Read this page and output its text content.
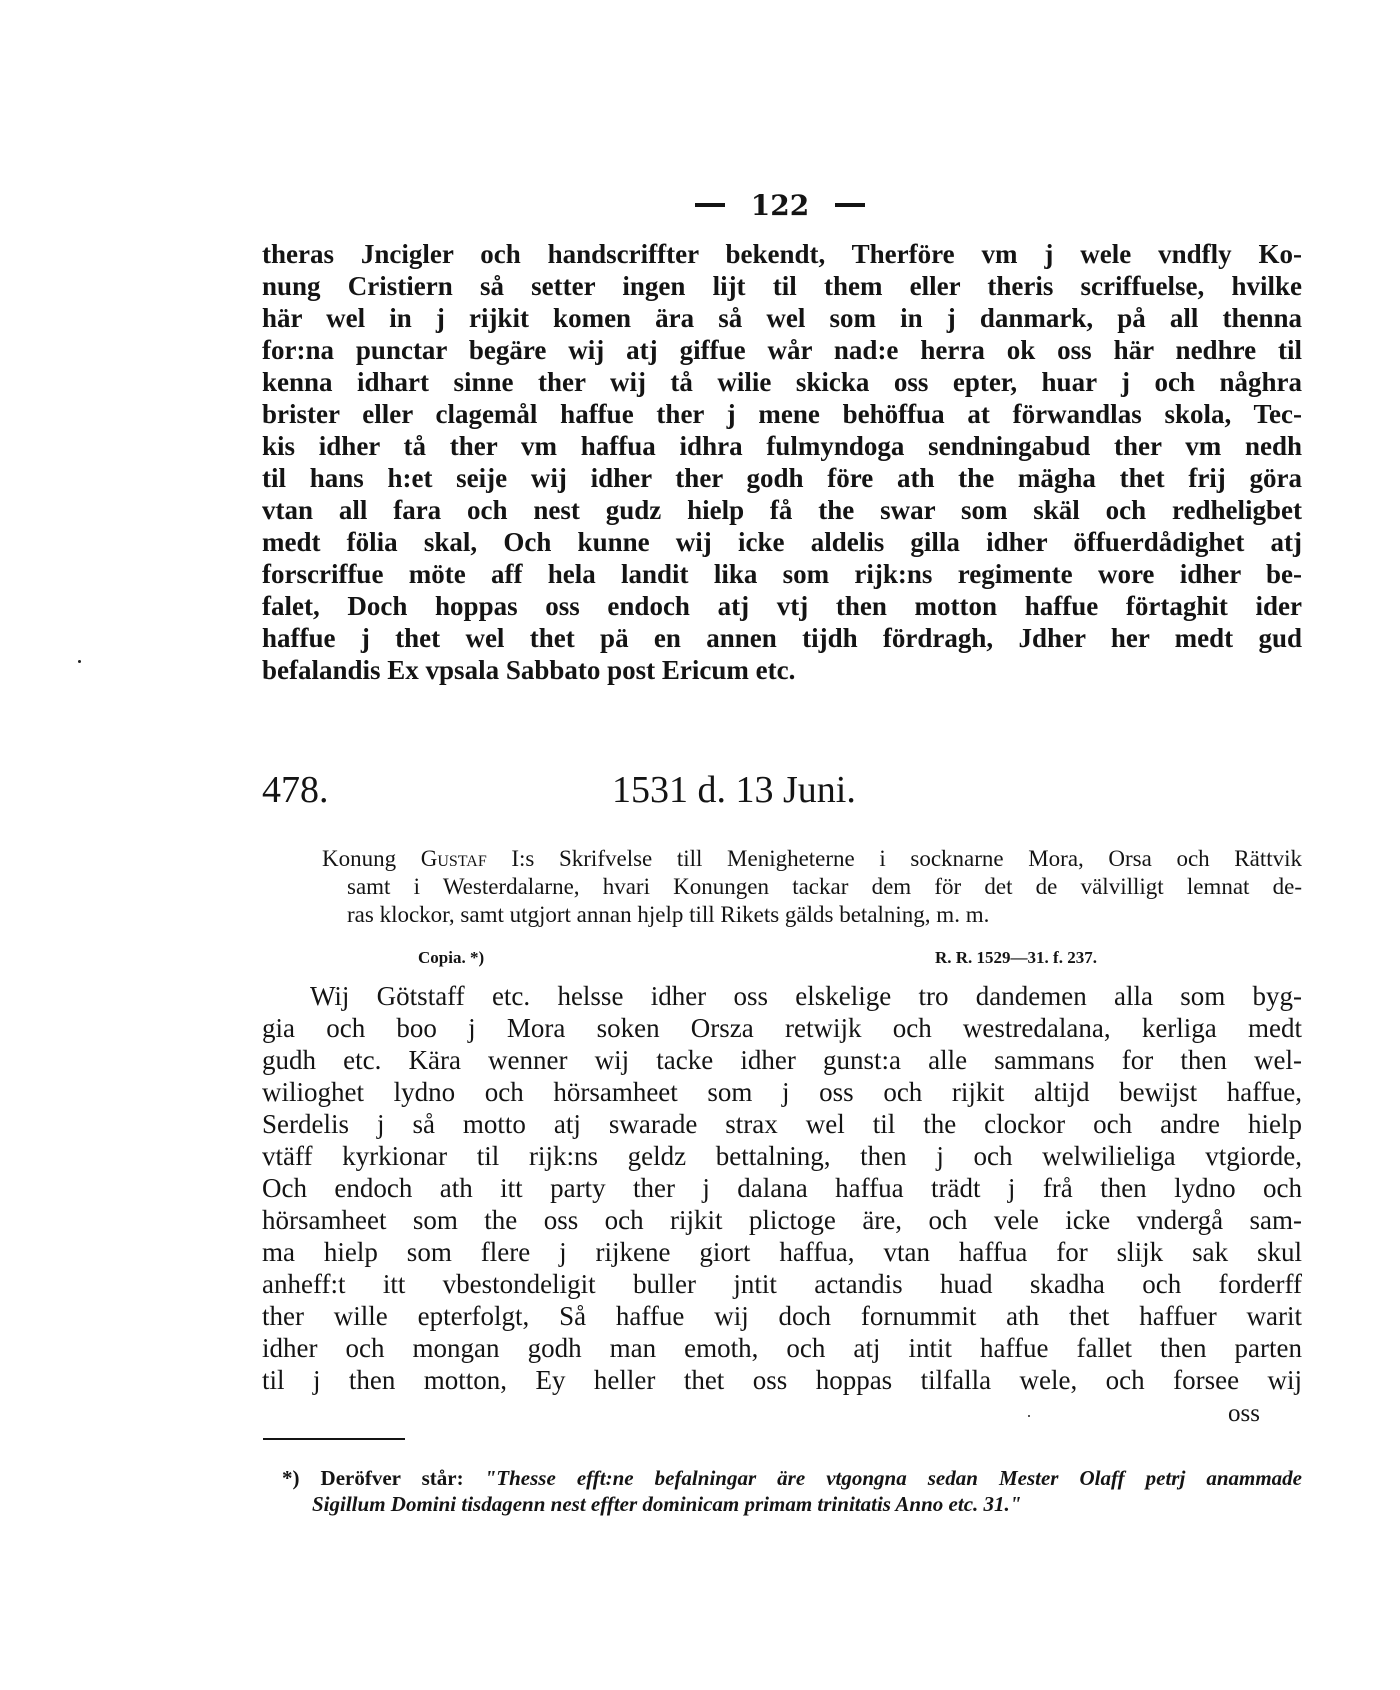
122
theras Jncigler och handscriffter bekendt, Therföre vm j wele vndfly Ko-
nung Cristiern så setter ingen lijt til them eller theris scriffuelse, hvilke
här wel in j rijkit komen ära så wel som in j danmark, på all thenna
for:na punctar begäre wij atj giffue wår nad:e herra ok oss här nedhre til
kenna idhart sinne ther wij tå wilie skicka oss epter, huar j och någhra
brister eller clagemål haffue ther j mene behöffua at förwandlas skola, Tec-
kis idher tå ther vm haffua idhra fulmyndoga sendningabud ther vm nedh
til hans h:et seije wij idher ther godh före ath the mägha thet frij göra
vtan all fara och nest gudz hielp få the swar som skäl och redheligbet
medt fölia skal, Och kunne wij icke aldelis gilla idher öffuerdådighet atj
forscriffue möte aff hela landit lika som rijk:ns regimente wore idher be-
falet, Doch hoppas oss endoch atj vtj then motton haffue förtaghit ider
haffue j thet wel thet pä en annen tijdh fördragh, Jdher her medt gud
befalandis Ex vpsala Sabbato post Ericum etc.
478.	1531 d. 13 Juni.
Konung Gustaf I:s Skrifvelse till Menigheterne i socknarne Mora, Orsa och Rättvik
samt i Westerdalarne, hvari Konungen tackar dem för det de välvilligt lemnat de-
ras klockor, samt utgjort annan hjelp till Rikets gälds betalning, m. m.
Copia. *)	R. R. 1529—31. f. 237.
Wij Götstaff etc. helsse idher oss elskelige tro dandemen alla som byg-
gia och boo j Mora soken Orsza retwijk och westredalana, kerliga medt
gudh etc. Kära wenner wij tacke idher gunst:a alle sammans for then wel-
wilioghet lydno och hörsamheet som j oss och rijkit altijd bewijst haffue,
Serdelis j så motto atj swarade strax wel til the clockor och andre hielp
vtäff kyrkionar til rijk:ns geldz bettalning, then j och welwilieliga vtgiorde,
Och endoch ath itt party ther j dalana haffua trädt j frå then lydno och
hörsamheet som the oss och rijkit plictoge äre, och vele icke vndergå sam-
ma hielp som flere j rijkene giort haffua, vtan haffua for slijk sak skul
anheff:t itt vbestondeligit buller jntit actandis huad skadha och forderff
ther wille epterfolgt, Så haffue wij doch fornummit ath thet haffuer warit
idher och mongan godh man emoth, och atj intit haffue fallet then parten
til j then motton, Ey heller thet oss hoppas tilfalla wele, och forsee wij
oss
*) Deröfver står: "Thesse efft:ne befalningar äre vtgongna sedan Mester Olaff petrj anammade
Sigillum Domini tisdagenn nest effter dominicam primam trinitatis Anno etc. 31."
